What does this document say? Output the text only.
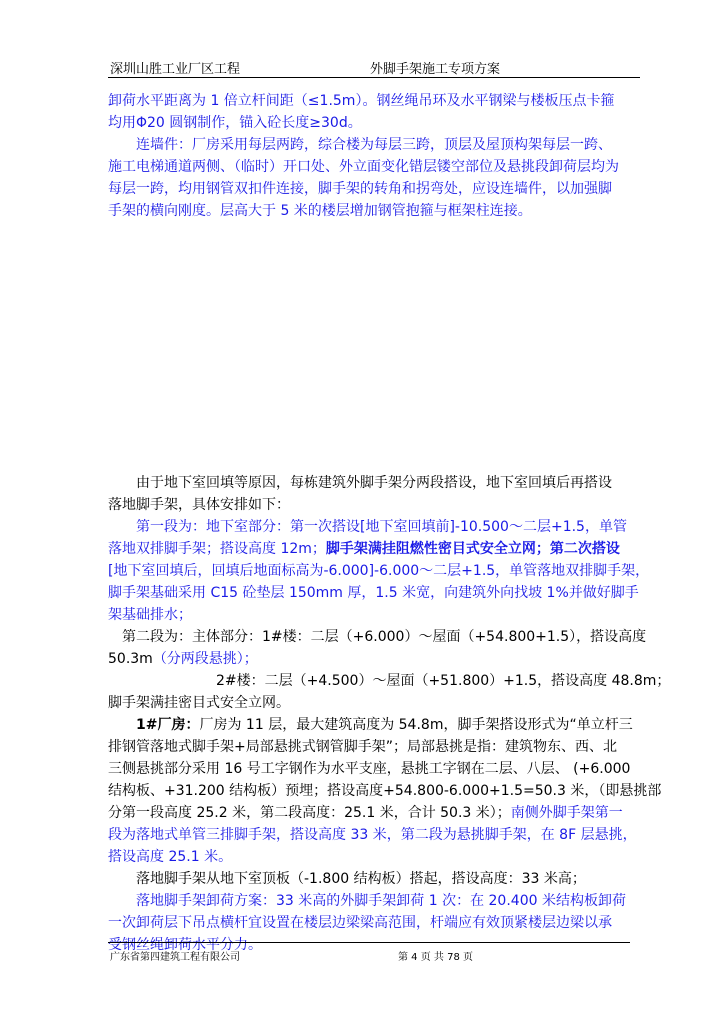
深圳山胜工业厂区工程	外脚手架施工专项方案
卸荷水平距离为 1 倍立杆间距（≤1.5m）。钢丝绳吊环及水平钢梁与楼板压点卡箍
均用Φ20 圆钢制作，锚入砼长度≥30d。
连墙件：厂房采用每层两跨，综合楼为每层三跨，顶层及屋顶构架每层一跨、
施工电梯通道两侧、（临时）开口处、外立面变化错层镂空部位及悬挑段卸荷层均为
每层一跨，均用钢管双扣件连接，脚手架的转角和拐弯处，应设连墙件，以加强脚
手架的横向刚度。层高大于 5 米的楼层增加钢管抱箍与框架柱连接。
由于地下室回填等原因，每栋建筑外脚手架分两段搭设，地下室回填后再搭设
落地脚手架，具体安排如下：
第一段为：地下室部分：第一次搭设[地下室回填前]-10.500～二层+1.5，单管
落地双排脚手架；搭设高度 12m；脚手架满挂阻燃性密目式安全立网；第二次搭设
[地下室回填后，回填后地面标高为-6.000]-6.000～二层+1.5，单管落地双排脚手架，
脚手架基础采用 C15 砼垫层 150mm 厚，1.5 米宽，向建筑外向找坡 1%并做好脚手
架基础排水；
第二段为：主体部分：1#楼：二层（+6.000）～屋面（+54.800+1.5），搭设高度
50.3m（分两段悬挑）；
2#楼：二层（+4.500）～屋面（+51.800）+1.5，搭设高度 48.8m；
脚手架满挂密目式安全立网。
1#厂房：厂房为 11 层，最大建筑高度为 54.8m，脚手架搭设形式为“单立杆三
排钢管落地式脚手架+局部悬挑式钢管脚手架”；局部悬挑是指：建筑物东、西、北
三侧悬挑部分采用 16 号工字钢作为水平支座，悬挑工字钢在二层、八层、 (+6.000
结构板、+31.200 结构板）预埋；搭设高度+54.800-6.000+1.5=50.3 米，（即悬挑部
分第一段高度 25.2 米，第二段高度：25.1 米，合计 50.3 米）；南侧外脚手架第一
段为落地式单管三排脚手架，搭设高度 33 米，第二段为悬挑脚手架，在 8F 层悬挑，
搭设高度 25.1 米。
落地脚手架从地下室顶板（-1.800 结构板）搭起，搭设高度：33 米高；
落地脚手架卸荷方案：33 米高的外脚手架卸荷 1 次：在 20.400 米结构板卸荷
一次卸荷层下吊点横杆宜设置在楼层边梁梁高范围，杆端应有效顶紧楼层边梁以承
受钢丝绳卸荷水平分力。
广东省第四建筑工程有限公司	第 4 页 共 78 页
